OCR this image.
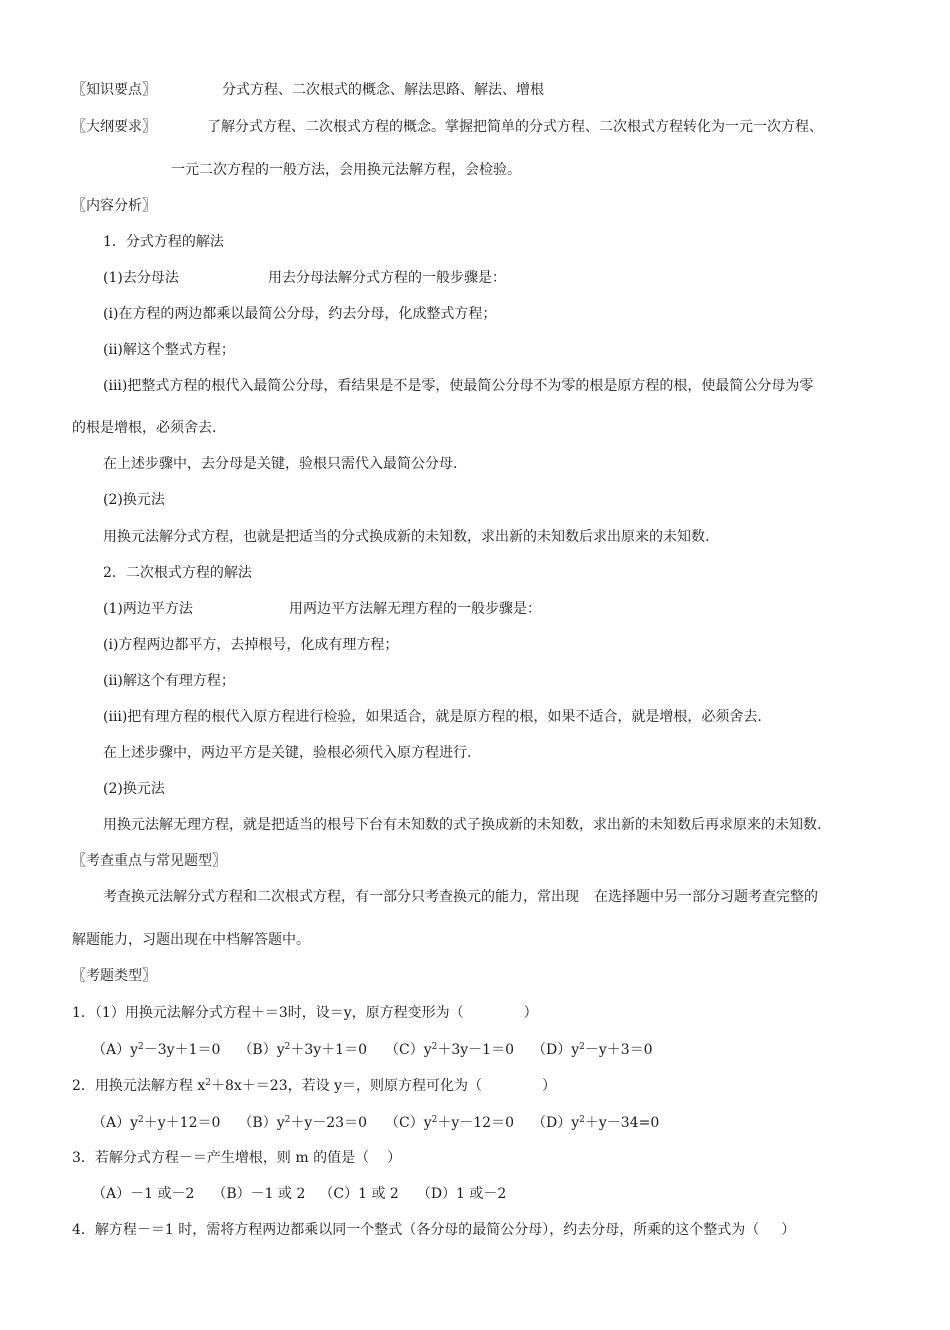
〖知识要点〗	分式方程、二次根式的概念、解法思路、解法、增根
〖大纲要求〗	了解分式方程、二次根式方程的概念。掌握把简单的分式方程、二次根式方程转化为一元一次方程、
一元二次方程的一般方法，会用换元法解方程，会检验。
〖内容分析〗
1．分式方程的解法
(1)去分母法	用去分母法解分式方程的一般步骤是：
(i)在方程的两边都乘以最简公分母，约去分母，化成整式方程；
(ii)解这个整式方程；
(iii)把整式方程的根代入最简公分母，看结果是不是零，使最简公分母不为零的根是原方程的根，使最简公分母为零
的根是增根，必须舍去.
在上述步骤中，去分母是关键，验根只需代入最简公分母.
(2)换元法
用换元法解分式方程，也就是把适当的分式换成新的未知数，求出新的未知数后求出原来的未知数.
2．二次根式方程的解法
(1)两边平方法	用两边平方法解无理方程的一般步骤是：
(i)方程两边都平方，去掉根号，化成有理方程；
(ii)解这个有理方程；
(iii)把有理方程的根代入原方程进行检验，如果适合，就是原方程的根，如果不适合，就是增根，必须舍去.
在上述步骤中，两边平方是关键，验根必须代入原方程进行.
(2)换元法
用换元法解无理方程，就是把适当的根号下台有未知数的式子换成新的未知数，求出新的未知数后再求原来的未知数.
〖考查重点与常见题型〗
考查换元法解分式方程和二次根式方程，有一部分只考查换元的能力，常出现 在选择题中另一部分习题考查完整的
解题能力，习题出现在中档解答题中。
〖考题类型〗
1．（1）用换元法解分式方程＋＝3时，设＝y，原方程变形为（	）
$(A)y^2-3y+1=0$ $(B)y^2+3y+1=0$ $(C)y^2+3y-1=0$ $(D)y^2-y+3=0$
2．用换元法解方程 $x^2+8x+=23$，若设 y＝，则原方程可化为（	）
$(A)y^2+y+12=0$ $(B)y^2+y-23=0$ $(C)y^2+y-12=0$ $(D)y^2+y-34=0$
3．若解分式方程－＝产生增根，则 m 的值是（ ）
（A）－1 或－2 （B）－1 或 2 （C）1 或 2 （D）1 或－2
4．解方程－＝1 时，需将方程两边都乘以同一个整式（各分母的最简公分母），约去分母，所乘的这个整式为（ ）
